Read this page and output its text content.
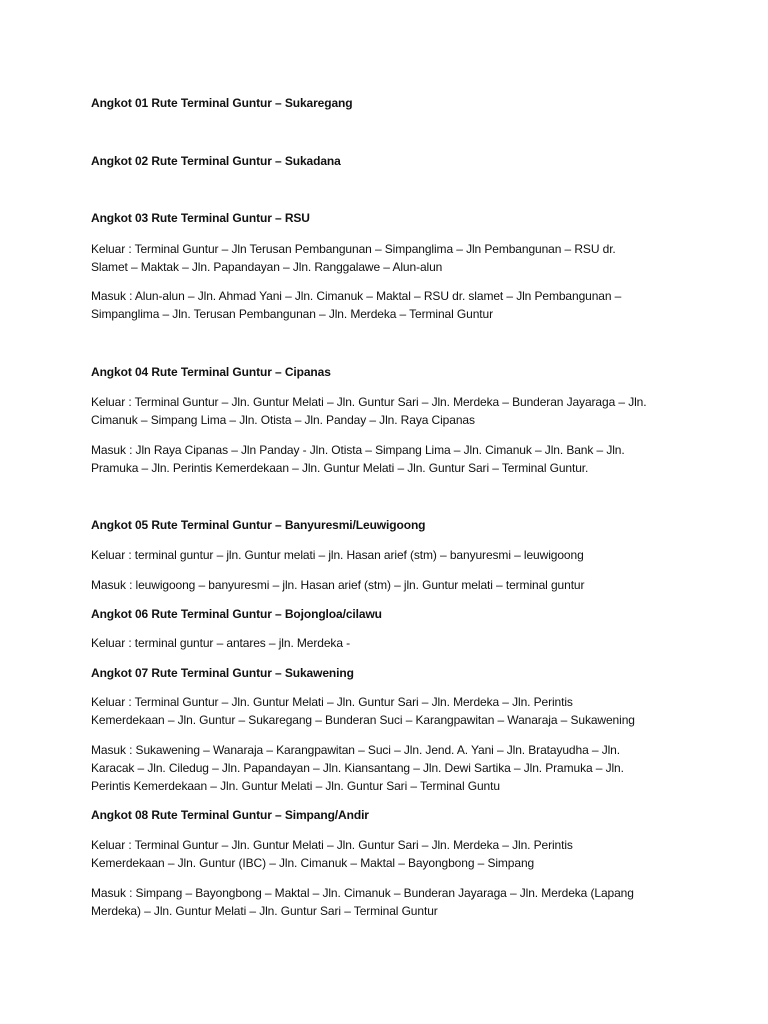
Angkot 01 Rute Terminal Guntur – Sukaregang
Angkot 02 Rute Terminal Guntur – Sukadana
Angkot 03 Rute Terminal Guntur – RSU
Keluar : Terminal Guntur – Jln Terusan Pembangunan – Simpanglima – Jln Pembangunan – RSU dr.
Slamet – Maktak – Jln. Papandayan – Jln. Ranggalawe – Alun-alun
Masuk : Alun-alun – Jln. Ahmad Yani – Jln. Cimanuk – Maktal – RSU dr. slamet – Jln Pembangunan –
Simpanglima – Jln. Terusan Pembangunan – Jln. Merdeka – Terminal Guntur
Angkot 04 Rute Terminal Guntur – Cipanas
Keluar : Terminal Guntur – Jln. Guntur Melati – Jln. Guntur Sari – Jln. Merdeka – Bunderan Jayaraga – Jln.
Cimanuk – Simpang Lima – Jln. Otista – Jln. Panday – Jln. Raya Cipanas
Masuk : Jln Raya Cipanas – Jln Panday - Jln. Otista – Simpang Lima – Jln. Cimanuk – Jln. Bank – Jln.
Pramuka – Jln. Perintis Kemerdekaan – Jln. Guntur Melati – Jln. Guntur Sari – Terminal Guntur.
Angkot 05 Rute Terminal Guntur – Banyuresmi/Leuwigoong
Keluar : terminal guntur – jln. Guntur melati – jln. Hasan arief (stm) – banyuresmi – leuwigoong
Masuk : leuwigoong – banyuresmi – jln. Hasan arief (stm) – jln. Guntur melati – terminal guntur
Angkot 06 Rute Terminal Guntur – Bojongloa/cilawu
Keluar : terminal guntur – antares – jln. Merdeka -
Angkot 07 Rute Terminal Guntur – Sukawening
Keluar : Terminal Guntur – Jln. Guntur Melati – Jln. Guntur Sari – Jln. Merdeka – Jln. Perintis
Kemerdekaan – Jln. Guntur – Sukaregang – Bunderan Suci – Karangpawitan – Wanaraja – Sukawening
Masuk : Sukawening – Wanaraja – Karangpawitan – Suci – Jln. Jend. A. Yani – Jln. Bratayudha – Jln.
Karacak – Jln. Ciledug – Jln. Papandayan – Jln. Kiansantang – Jln. Dewi Sartika – Jln. Pramuka – Jln.
Perintis Kemerdekaan – Jln. Guntur Melati – Jln. Guntur Sari – Terminal Guntu
Angkot 08 Rute Terminal Guntur – Simpang/Andir
Keluar : Terminal Guntur – Jln. Guntur Melati – Jln. Guntur Sari – Jln. Merdeka – Jln. Perintis
Kemerdekaan – Jln. Guntur (IBC) – Jln. Cimanuk – Maktal – Bayongbong – Simpang
Masuk : Simpang – Bayongbong – Maktal – Jln. Cimanuk – Bunderan Jayaraga – Jln. Merdeka (Lapang
Merdeka) – Jln. Guntur Melati – Jln. Guntur Sari – Terminal Guntur
